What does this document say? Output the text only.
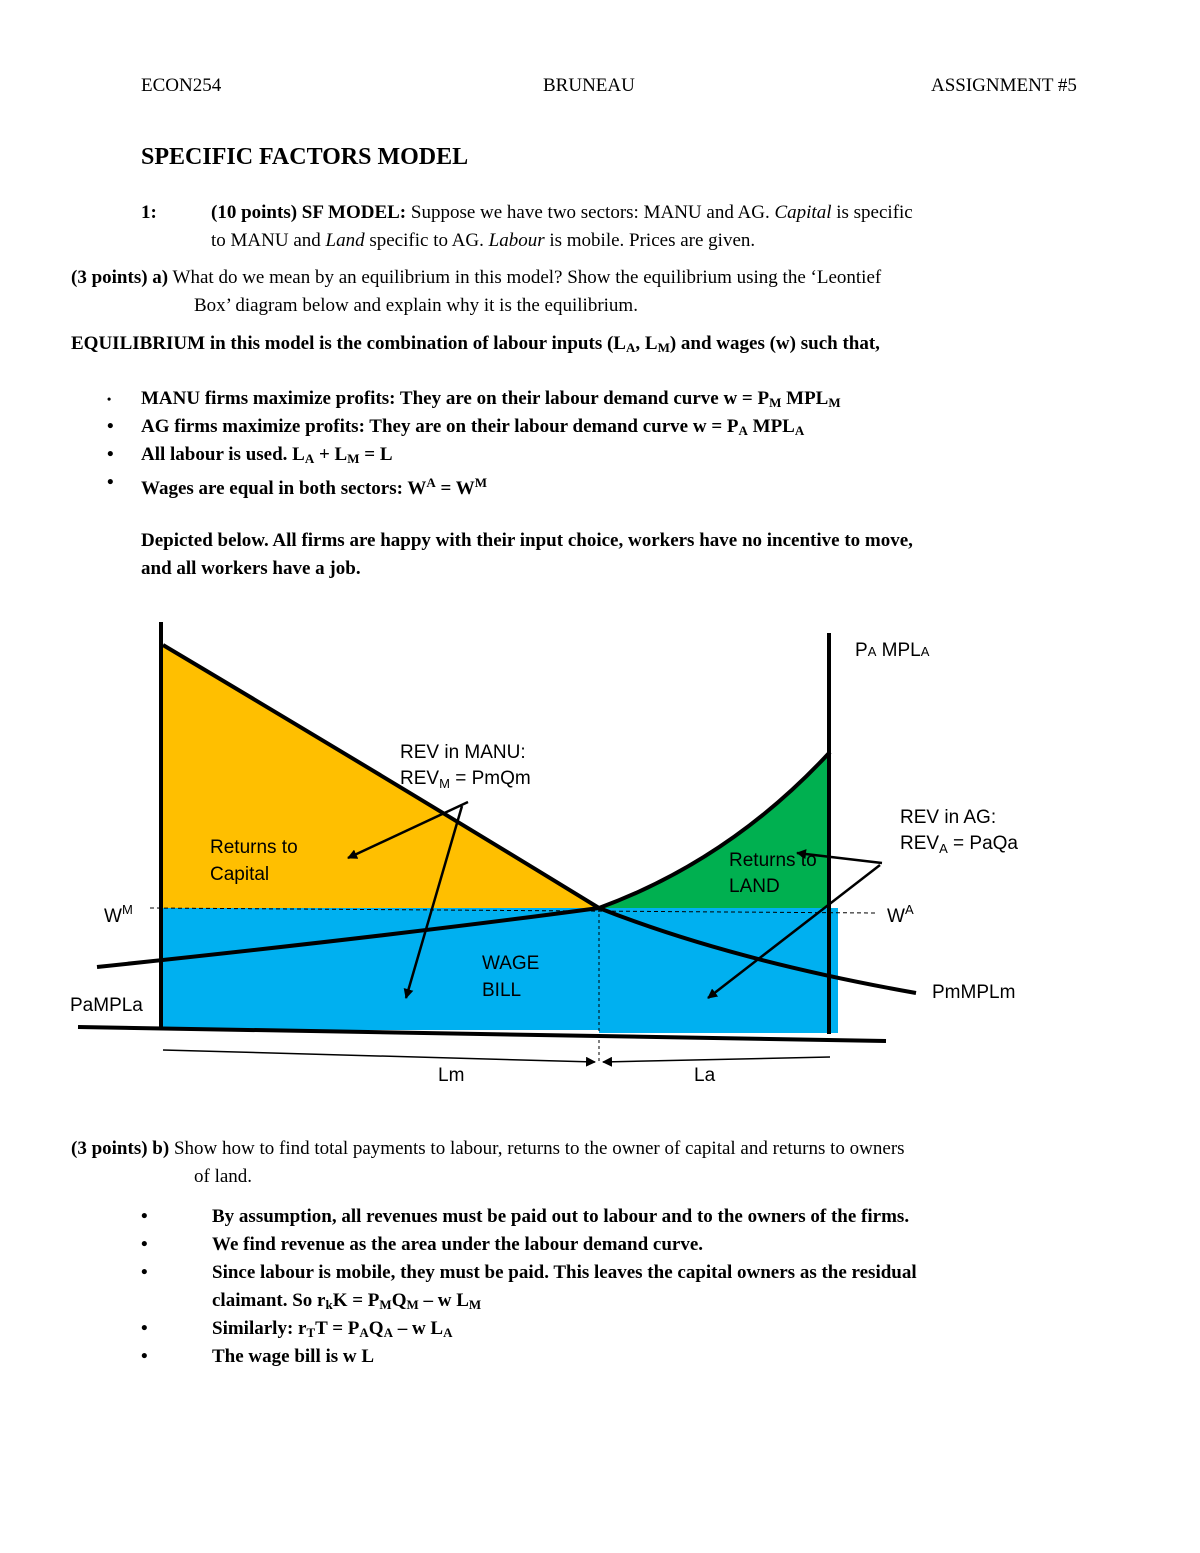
ECON254	BRUNEAU	ASSIGNMENT #5
SPECIFIC FACTORS MODEL
1:	(10 points) SF MODEL: Suppose we have two sectors: MANU and AG. Capital is specific
to MANU and Land specific to AG. Labour is mobile. Prices are given.
(3 points) a) What do we mean by an equilibrium in this model? Show the equilibrium using the ‘Leontief
Box’ diagram below and explain why it is the equilibrium.
EQUILIBRIUM in this model is the combination of labour inputs ($L_A$, $L_M$) and wages (w) such that,
• MANU firms maximize profits: They are on their labour demand curve $w = P_M$ $MPL_M$
• AG firms maximize profits: They are on their labour demand curve $w = P_A$ $MPL_A$
• All labour is used. $L_A + L_M = L$
• Wages are equal in both sectors: $W^A = W^M$
Depicted below. All firms are happy with their input choice, workers have no incentive to move,
and all workers have a job.
PA MPLA
REV in MANU:
$REV_M$ = PmQm
REV in AG:
$REV_A$ = PaQa
Returns to
Capital
Returns to
LAND
$W^M$	$W^A$
WAGE
BILL
PaMPLa
PmMPLm
Lm	La
(3 points) b) Show how to find total payments to labour, returns to the owner of capital and returns to owners
of land.
•	By assumption, all revenues must be paid out to labour and to the owners of the firms.
•	We find revenue as the area under the labour demand curve.
•	Since labour is mobile, they must be paid. This leaves the capital owners as the residual
claimant. So $r_kK = P_MQ_M - w$ $L_M$
•	Similarly: $r_TT = P_AQ_A - w$ $L_A$
•	The wage bill is w L
